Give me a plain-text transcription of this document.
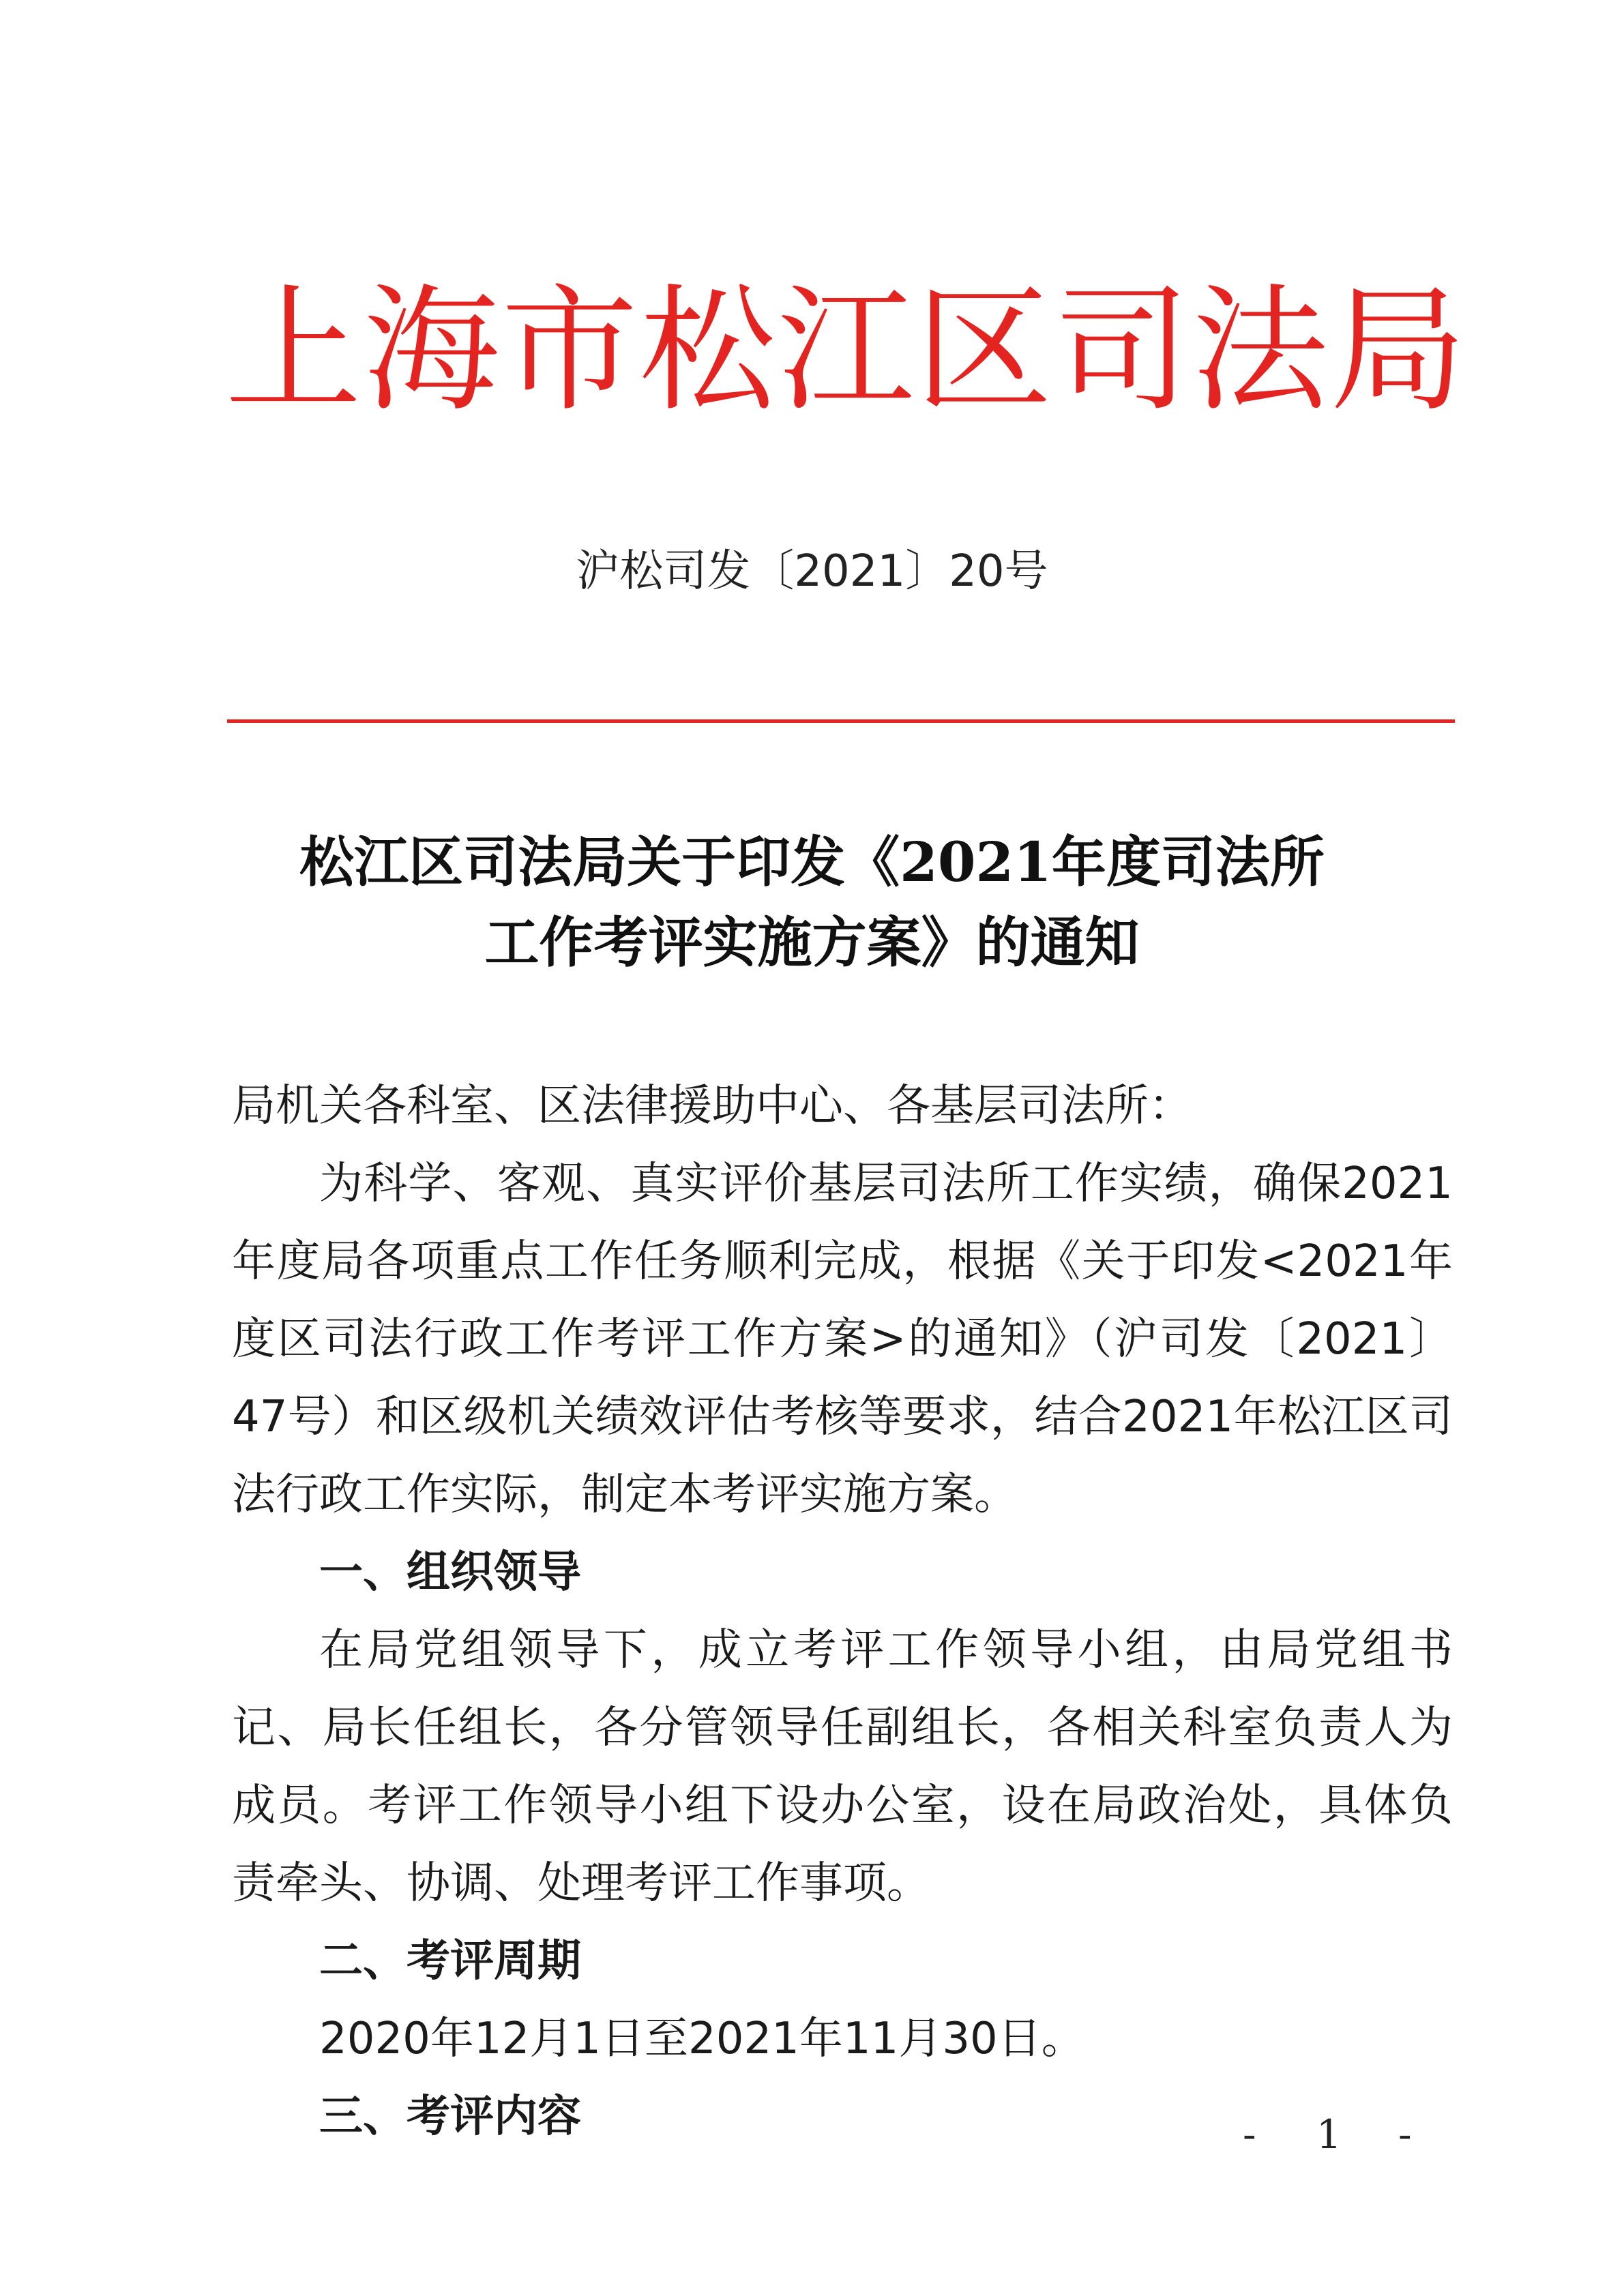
上 海 市 松 江 区 司 法 局
沪松司发〔2021〕20号
松江区司法局关于印发《2021年度司法所
工作考评实施方案》的通知

局机关各科室、区法律援助中心、各基层司法所：

为科学、客观、真实评价基层司法所工作实绩，确保2021年度局各项重点工作任务顺利完成，根据《关于印发<2021年度区司法行政工作考评工作方案>的通知》（沪司发〔2021〕47号）和区级机关绩效评估考核等要求，结合2021年松江区司法行政工作实际，制定本考评实施方案。

一、组织领导

在局党组领导下，成立考评工作领导小组，由局党组书记、局长任组长，各分管领导任副组长，各相关科室负责人为成员。考评工作领导小组下设办公室，设在局政治处，具体负责牵头、协调、处理考评工作事项。

二、考评周期

2020年12月1日至2021年11月30日。

三、考评内容	- 1 -
